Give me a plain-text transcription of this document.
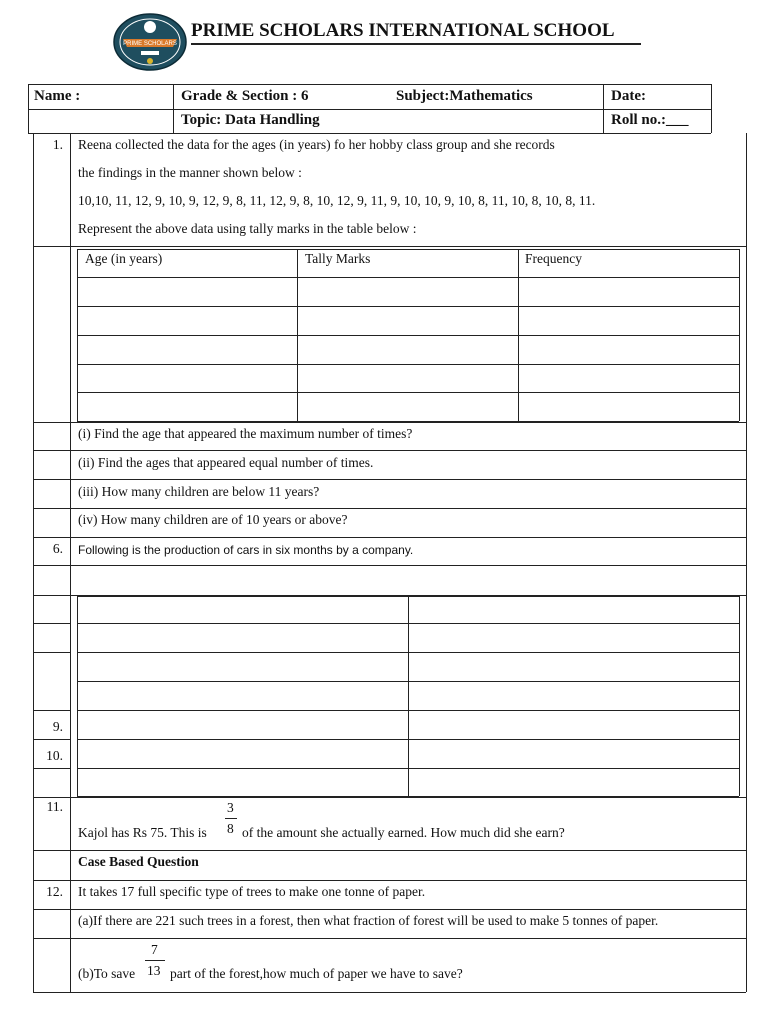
PRIME SCHOLARS
PRIME SCHOLARS INTERNATIONAL SCHOOL
Name :	Grade & Section : 6	Subject:Mathematics	Date:
Topic: Data Handling	Roll no.:___
1. Reena collected the data for the ages (in years) fo her hobby class group and she records
the findings in the manner shown below :
10,10, 11, 12, 9, 10, 9, 12, 9, 8, 11, 12, 9, 8, 10, 12, 9, 11, 9, 10, 10, 9, 10, 8, 11, 10, 8, 10, 8, 11.
Represent the above data using tally marks in the table below :
Age (in years)	Tally Marks	Frequency
(i) Find the age that appeared the maximum number of times?
(ii) Find the ages that appeared equal number of times.
(iii) How many children are below 11 years?
(iv) How many children are of 10 years or above?
6. Following is the production of cars in six months by a company.
9.
10.
11.
Kajol has Rs 75. This is
3
8 of the amount she actually earned. How much did she earn?
Case Based Question
12. It takes 17 full specific type of trees to make one tonne of paper.
(a)If there are 221 such trees in a forest, then what fraction of forest will be used to make 5 tonnes of paper.
(b)To save
7
13 part of the forest,how much of paper we have to save?
